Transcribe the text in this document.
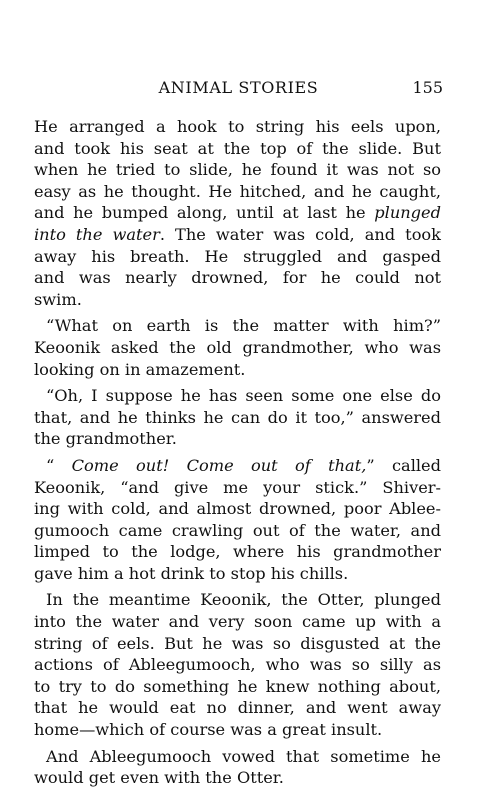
ANIMAL STORIES	155
He arranged a hook to string his eels upon,
and took his seat at the top of the slide. But
when he tried to slide, he found it was not so
easy as he thought. He hitched, and he caught,
and he bumped along, until at last he plunged
into the water. The water was cold, and took
away his breath. He struggled and gasped
and was nearly drowned, for he could not
swim.
“What on earth is the matter with him?”
Keoonik asked the old grandmother, who was
looking on in amazement.
“Oh, I suppose he has seen some one else do
that, and he thinks he can do it too,” answered
the grandmother.
“ Come out! Come out of that,” called
Keoonik, “and give me your stick.” Shiver-
ing with cold, and almost drowned, poor Ablee-
gumooch came crawling out of the water, and
limped to the lodge, where his grandmother
gave him a hot drink to stop his chills.
In the meantime Keoonik, the Otter, plunged
into the water and very soon came up with a
string of eels. But he was so disgusted at the
actions of Ableegumooch, who was so silly as
to try to do something he knew nothing about,
that he would eat no dinner, and went away
home—which of course was a great insult.
And Ableegumooch vowed that sometime he
would get even with the Otter.
